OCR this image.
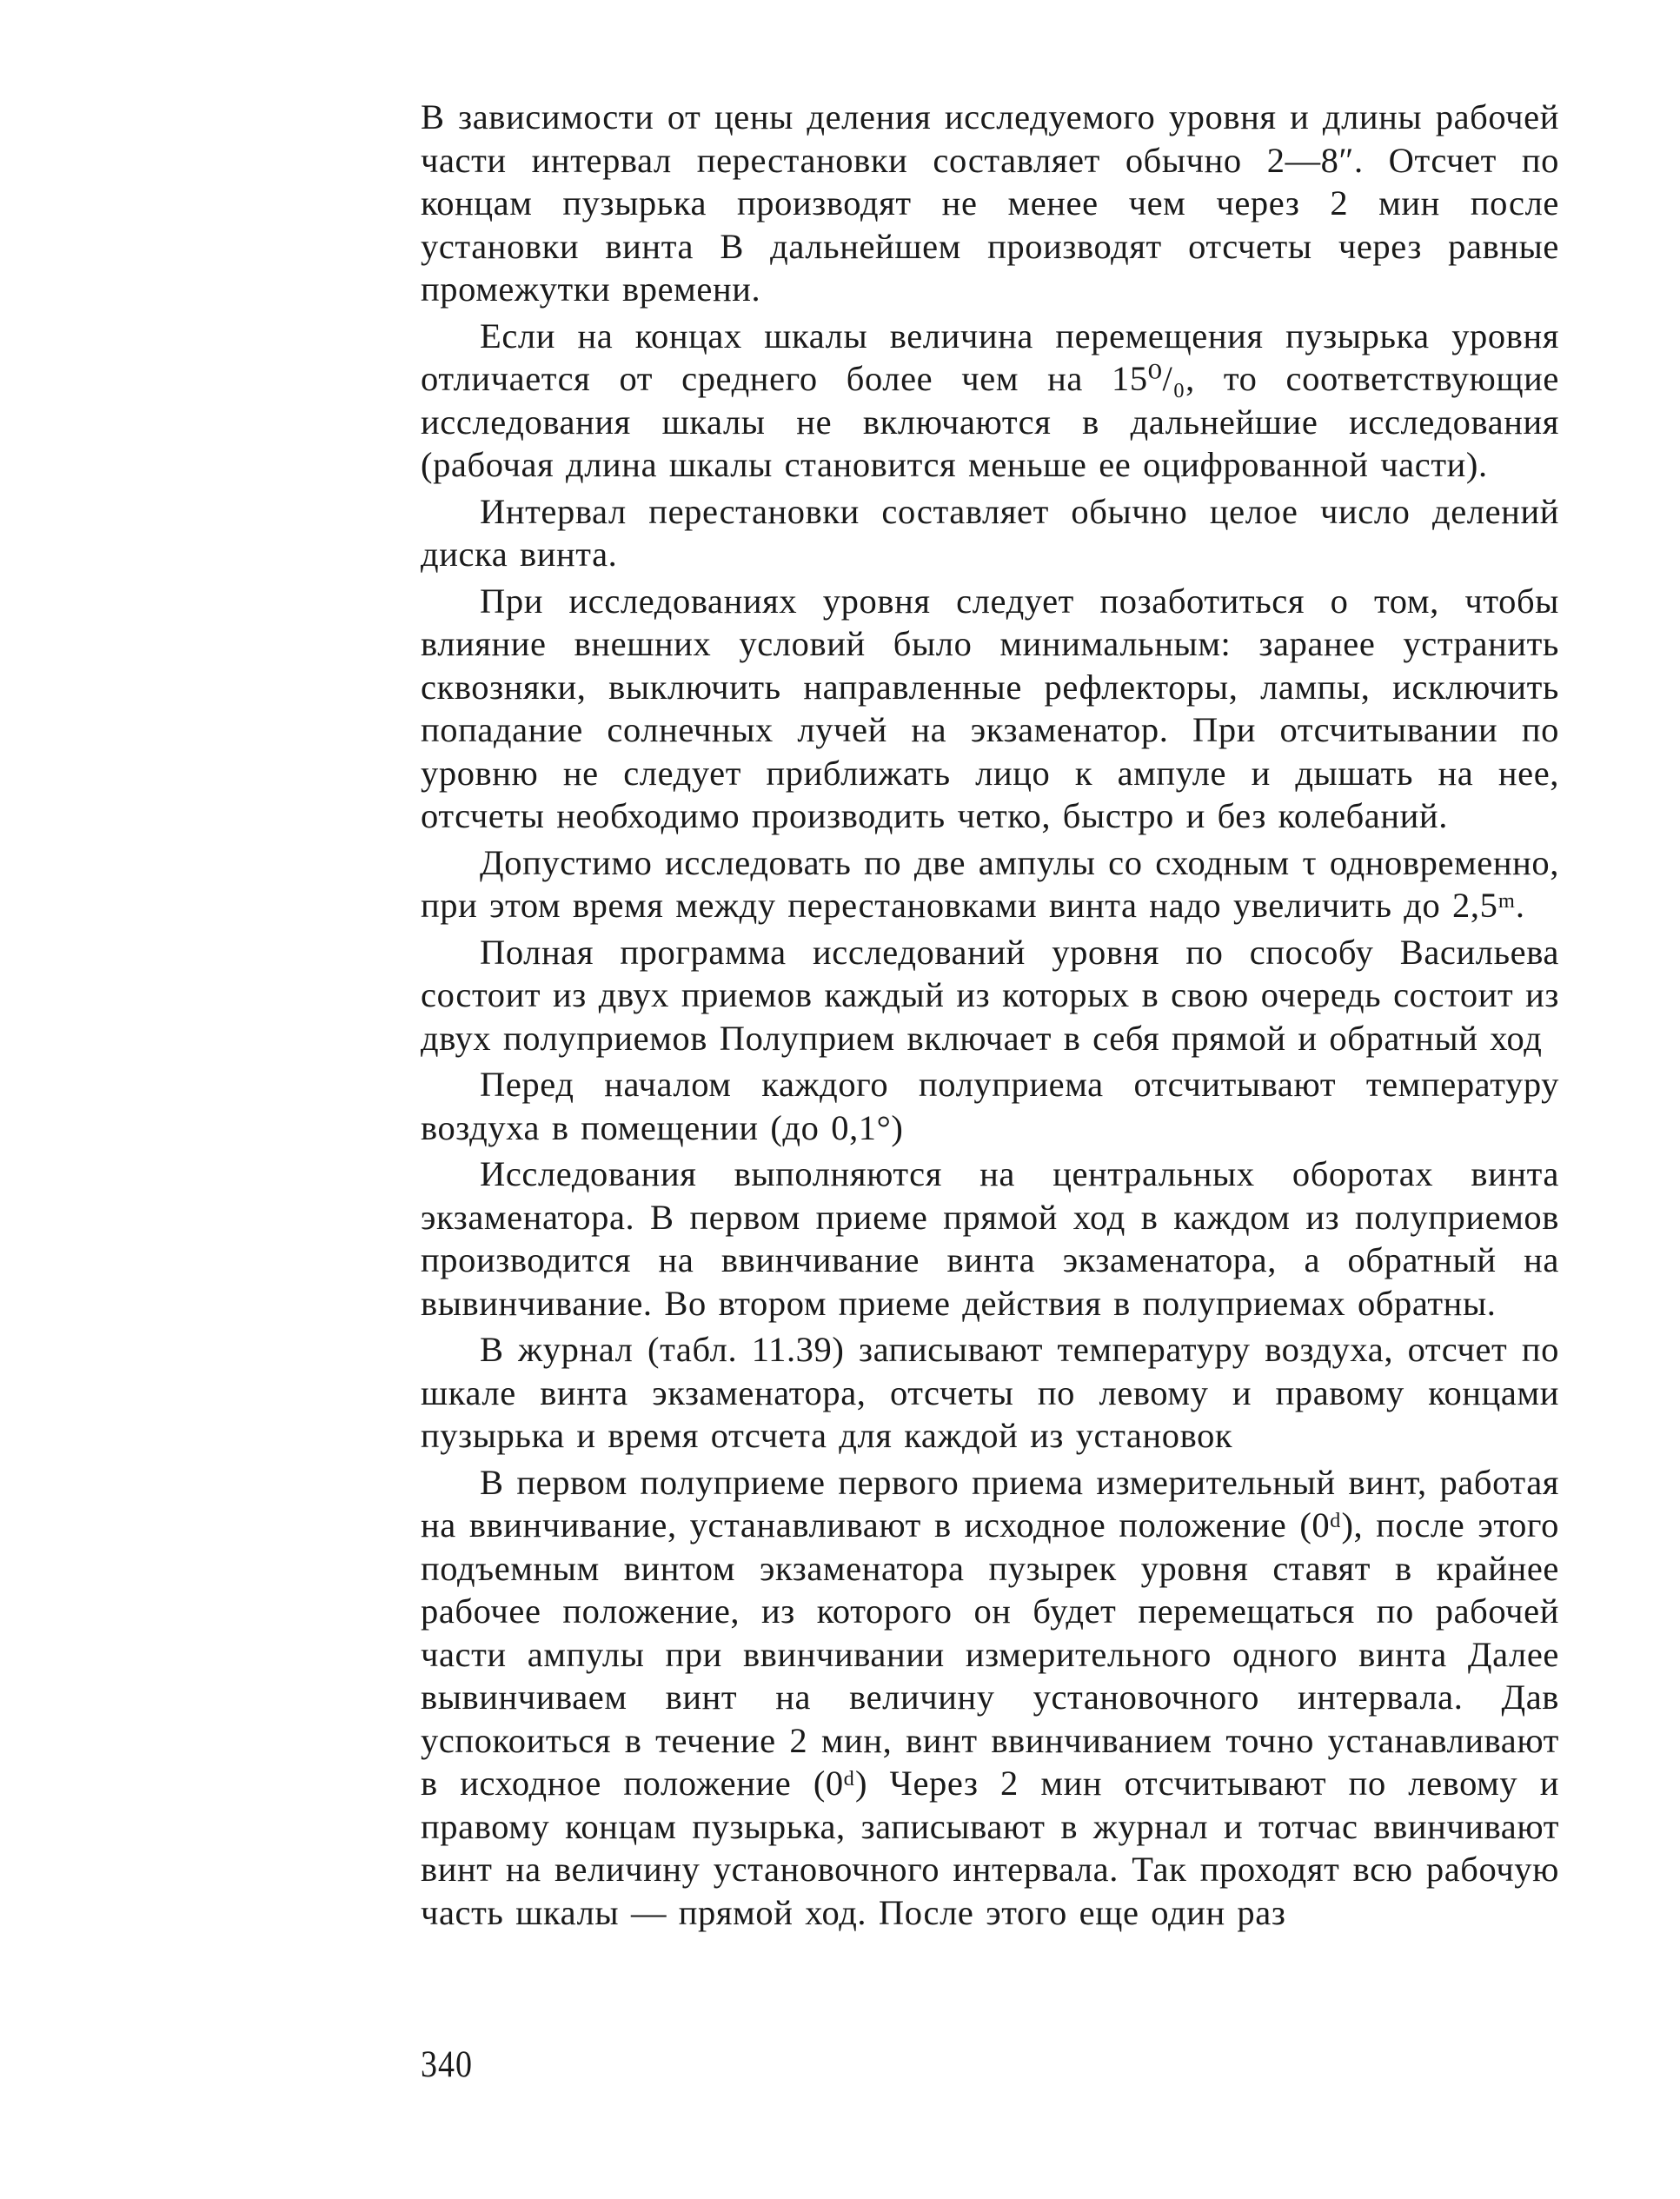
В зависимости от цены деления исследуемого уровня и длины рабочей части интервал перестановки составляет обычно 2—8″. Отсчет по концам пузырька производят не менее чем через 2 мин после установки винта В дальнейшем производят отсчеты через равные промежутки времени.

Если на концах шкалы величина перемещения пузырька уровня отличается от среднего более чем на 15⁰/₀, то соответствующие исследования шкалы не включаются в дальнейшие исследования (рабочая длина шкалы становится меньше ее оцифрованной части).

Интервал перестановки составляет обычно целое число делений диска винта.

При исследованиях уровня следует позаботиться о том, чтобы влияние внешних условий было минимальным: заранее устранить сквозняки, выключить направленные рефлекторы, лампы, исключить попадание солнечных лучей на экзаменатор. При отсчитывании по уровню не следует приближать лицо к ампуле и дышать на нее, отсчеты необходимо производить четко, быстро и без колебаний.

Допустимо исследовать по две ампулы со сходным τ одновременно, при этом время между перестановками винта надо увеличить до 2,5ᵐ.

Полная программа исследований уровня по способу Васильева состоит из двух приемов каждый из которых в свою очередь состоит из двух полуприемов Полуприем включает в себя прямой и обратный ход

Перед началом каждого полуприема отсчитывают температуру воздуха в помещении (до 0,1°)

Исследования выполняются на центральных оборотах винта экзаменатора. В первом приеме прямой ход в каждом из полуприемов производится на ввинчивание винта экзаменатора, а обратный на вывинчивание. Во втором приеме действия в полуприемах обратны.

В журнал (табл. 11.39) записывают температуру воздуха, отсчет по шкале винта экзаменатора, отсчеты по левому и правому концами пузырька и время отсчета для каждой из установок

В первом полуприеме первого приема измерительный винт, работая на ввинчивание, устанавливают в исходное положение (0ᵈ), после этого подъемным винтом экзаменатора пузырек уровня ставят в крайнее рабочее положение, из которого он будет перемещаться по рабочей части ампулы при ввинчивании измерительного одного винта Далее вывинчиваем винт на величину установочного интервала. Дав успокоиться в течение 2 мин, винт ввинчиванием точно устанавливают в исходное положение (0ᵈ) Через 2 мин отсчитывают по левому и правому концам пузырька, записывают в журнал и тотчас ввинчивают винт на величину установочного интервала. Так проходят всю рабочую часть шкалы — прямой ход. После этого еще один раз

340
